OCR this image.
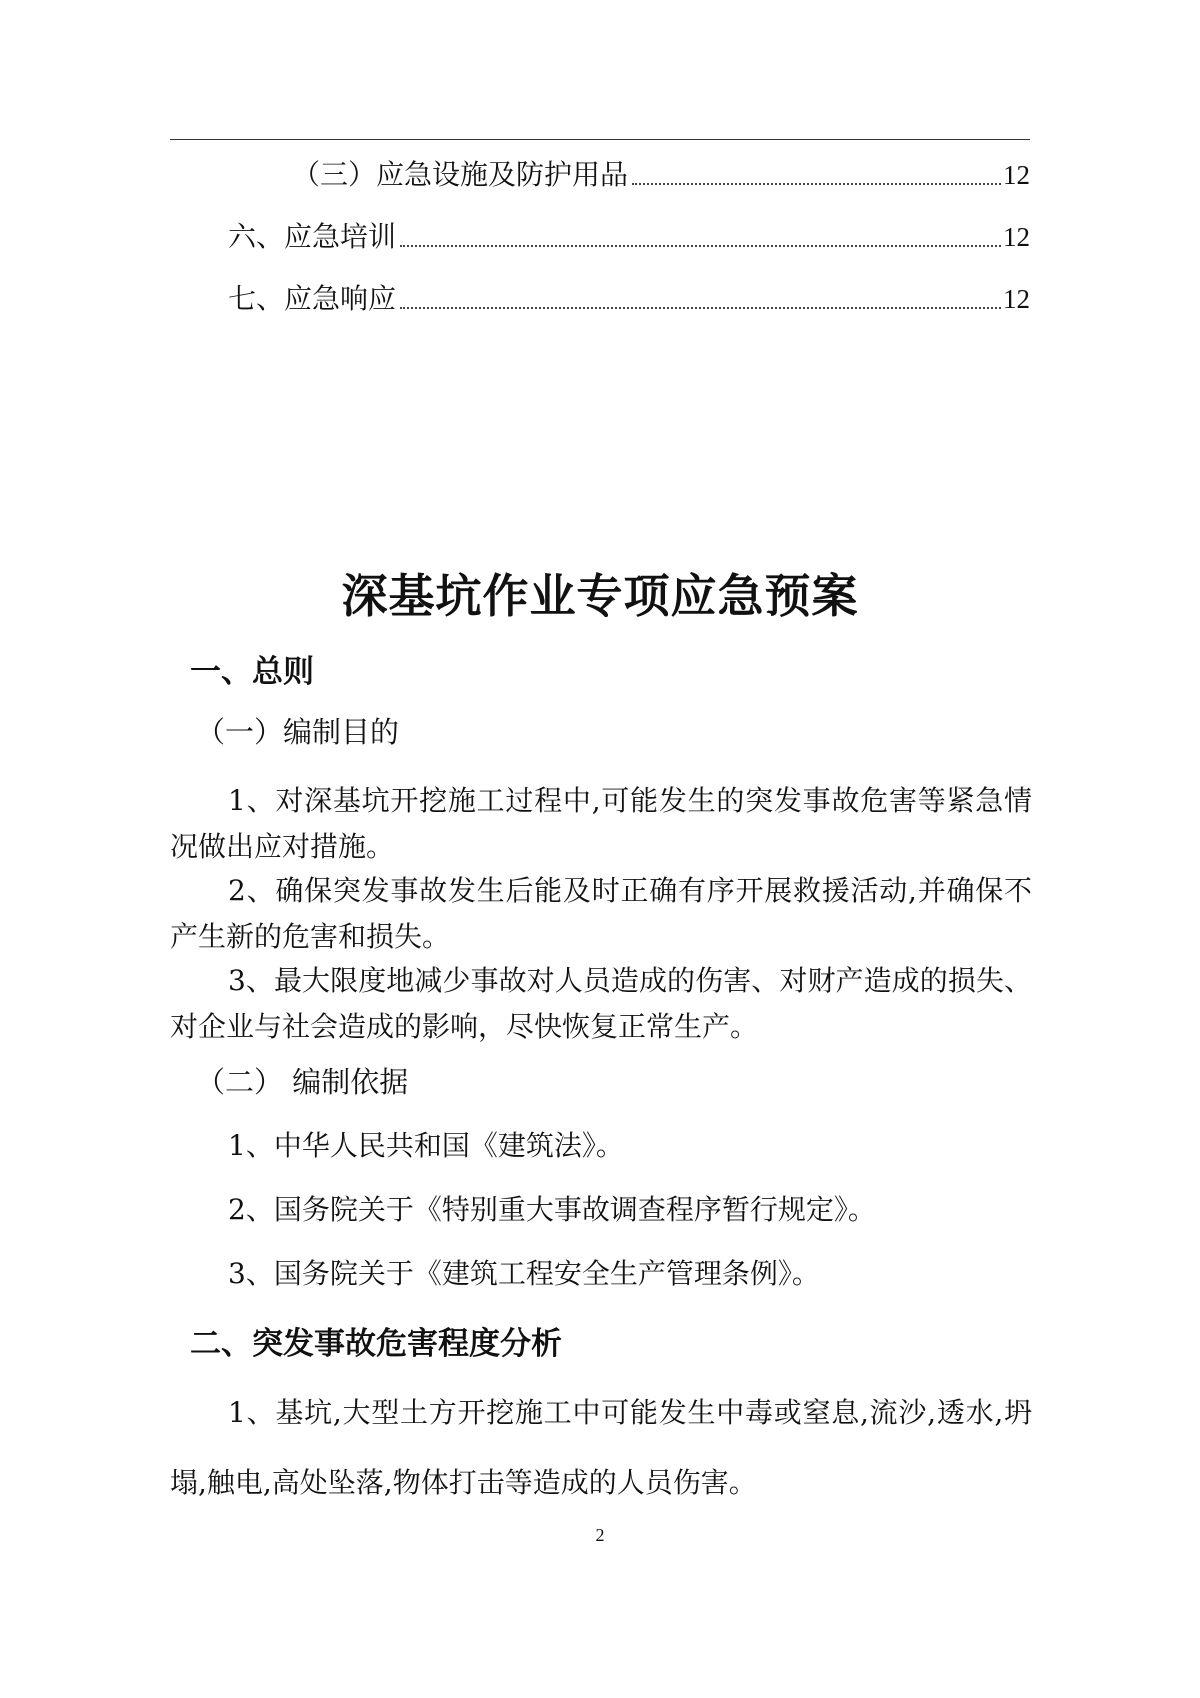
（三）应急设施及防护用品	12
六、应急培训	12
七、应急响应	12
深基坑作业专项应急预案
一、总则
（一）编制目的
1、对深基坑开挖施工过程中,可能发生的突发事故危害等紧急情况做出应对措施。
2、确保突发事故发生后能及时正确有序开展救援活动,并确保不产生新的危害和损失。
3、最大限度地减少事故对人员造成的伤害、对财产造成的损失、对企业与社会造成的影响，尽快恢复正常生产。
（二） 编制依据
1、中华人民共和国《建筑法》。
2、国务院关于《特别重大事故调查程序暂行规定》。
3、国务院关于《建筑工程安全生产管理条例》。
二、突发事故危害程度分析
1、基坑,大型土方开挖施工中可能发生中毒或窒息,流沙,透水,坍塌,触电,高处坠落,物体打击等造成的人员伤害。
2
